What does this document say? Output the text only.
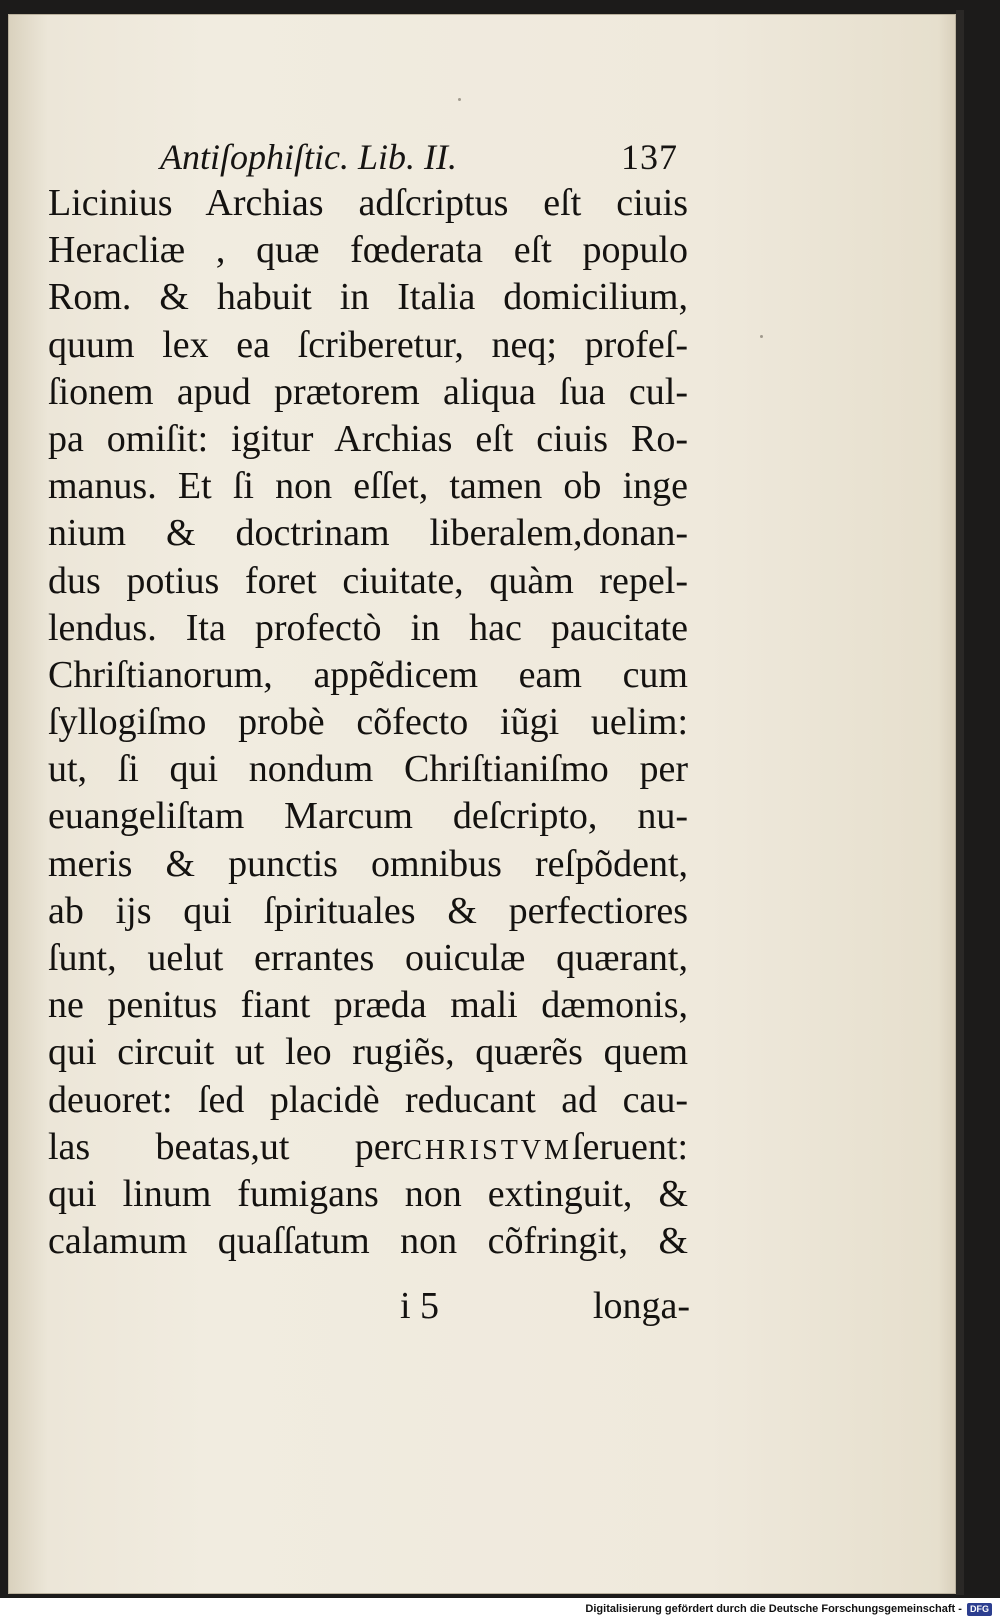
Antiſophiſtic. Lib. II.	137
Licinius Archias adſcriptus eſt ciuis
Heracliæ , quæ fœderata eſt populo
Rom. & habuit in Italia domicilium,
quum lex ea ſcriberetur, neq; profeſ-
ſionem apud prætorem aliqua ſua cul-
pa omiſit: igitur Archias eſt ciuis Ro-
manus. Et ſi non eſſet, tamen ob inge
nium & doctrinam liberalem,donan-
dus potius foret ciuitate, quàm repel-
lendus. Ita profectò in hac paucitate
Chriſtianorum, appẽdicem eam cum
ſyllogiſmo probè cõfecto iũgi uelim:
ut, ſi qui nondum Chriſtianiſmo per
euangeliſtam Marcum deſcripto, nu-
meris & punctis omnibus reſpõdent,
ab ijs qui ſpirituales & perfectiores
ſunt, uelut errantes ouiculæ quærant,
ne penitus fiant præda mali dæmonis,
qui circuit ut leo rugiẽs, quærẽs quem
deuoret: ſed placidè reducant ad cau-
las beatas,ut perCHRISTVMſeruent:
qui linum fumigans non extinguit, &
calamum quaſſatum non cõfringit, &
i 5	longa-
Digitalisierung gefördert durch die Deutsche Forschungsgemeinschaft - DFG
